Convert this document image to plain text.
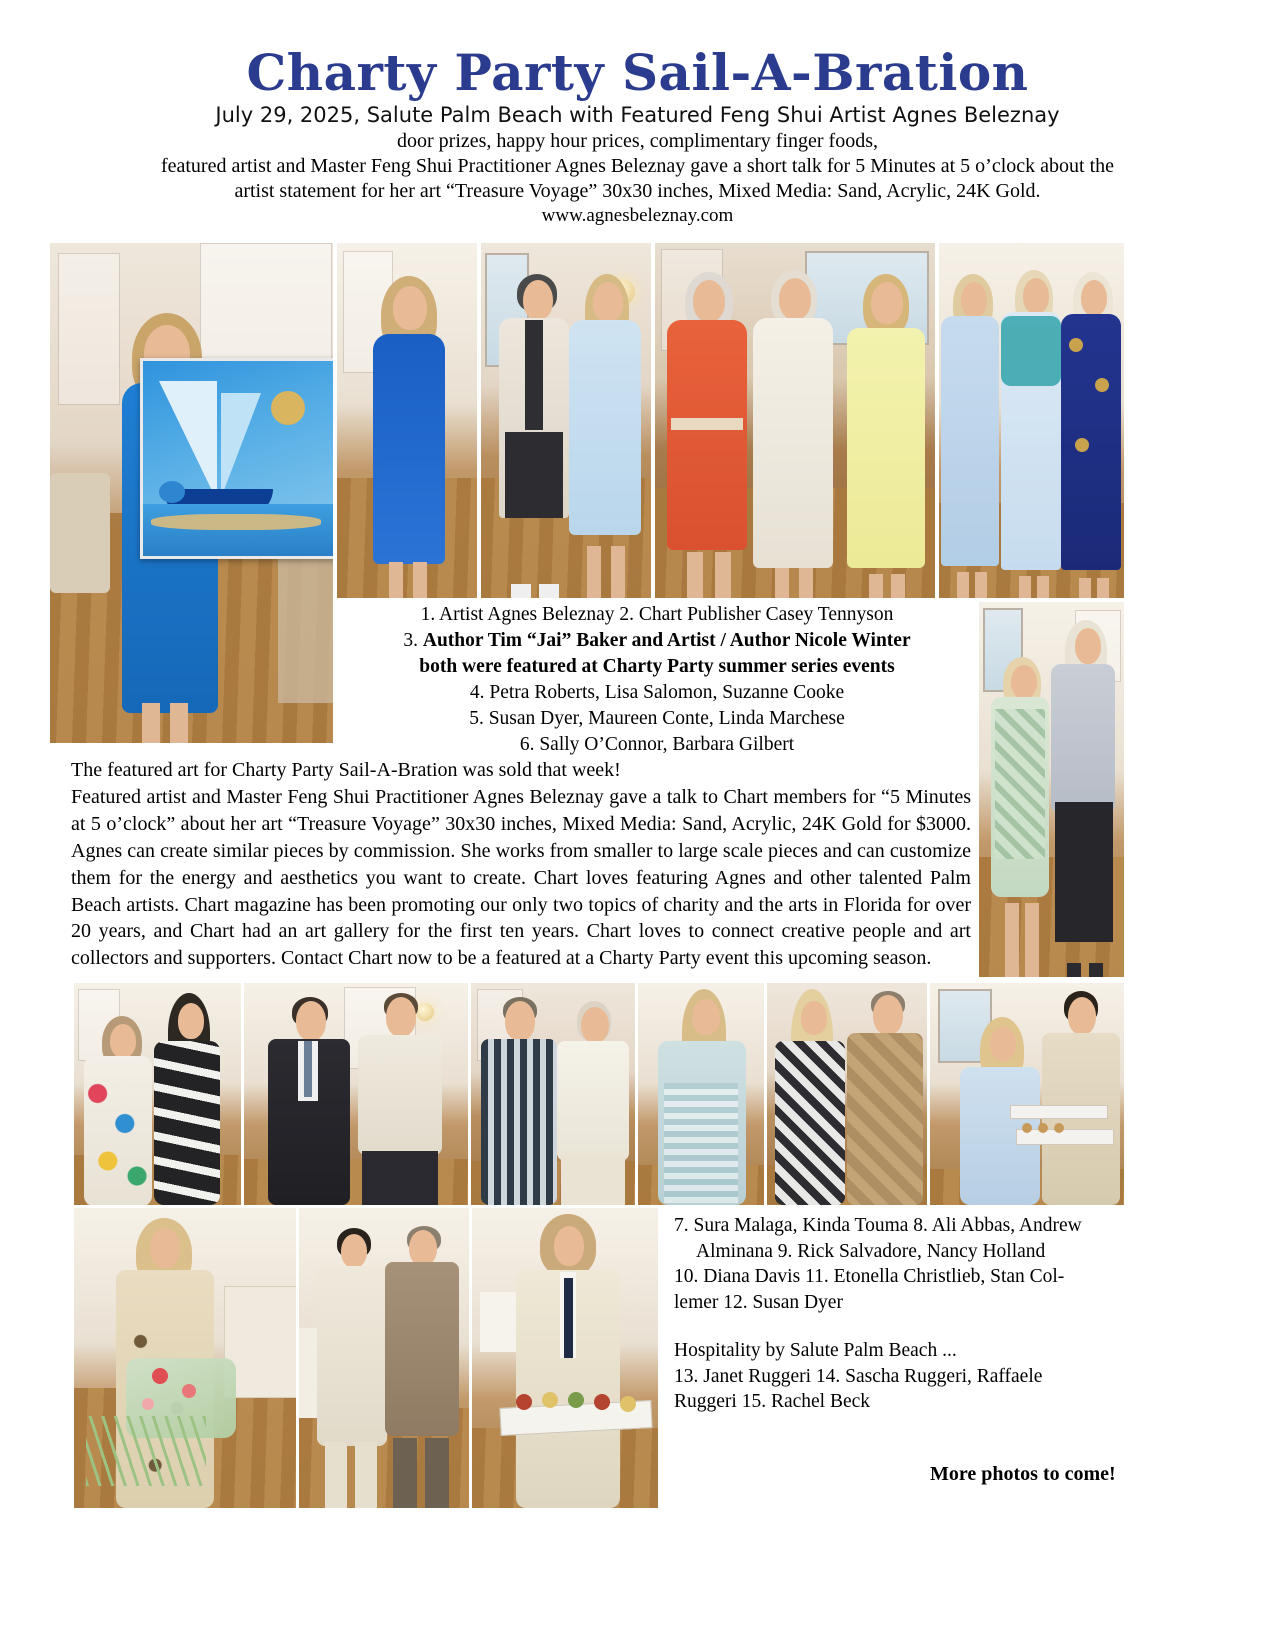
Charty Party Sail-A-Bration
July 29, 2025, Salute Palm Beach with Featured Feng Shui Artist Agnes Beleznay
door prizes, happy hour prices, complimentary finger foods,
featured artist and Master Feng Shui Practitioner Agnes Beleznay gave a short talk for 5 Minutes at 5 o’clock about the
artist statement for her art “Treasure Voyage” 30x30 inches, Mixed Media: Sand, Acrylic, 24K Gold.
www.agnesbeleznay.com
1. Artist Agnes Beleznay 2. Chart Publisher Casey Tennyson
3. Author Tim “Jai” Baker and Artist / Author Nicole Winter
both were featured at Charty Party summer series events
4. Petra Roberts, Lisa Salomon, Suzanne Cooke
5. Susan Dyer, Maureen Conte, Linda Marchese
6. Sally O’Connor, Barbara Gilbert
The featured art for Charty Party Sail-A-Bration was sold that week!
Featured artist and Master Feng Shui Practitioner Agnes Beleznay gave a talk to Chart members for “5 Minutes at 5 o’clock” about her art “Treasure Voyage” 30x30 inches, Mixed Media: Sand, Acrylic, 24K Gold for $3000. Agnes can create similar pieces by commission. She works from smaller to large scale pieces and can customize them for the energy and aesthetics you want to create. Chart loves featuring Agnes and other talented Palm Beach artists. Chart magazine has been promoting our only two topics of charity and the arts in Florida for over 20 years, and Chart had an art gallery for the first ten years. Chart loves to connect creative people and art collectors and supporters. Contact Chart now to be a featured at a Charty Party event this upcoming season.
7. Sura Malaga, Kinda Touma 8. Ali Abbas, Andrew
Alminana 9. Rick Salvadore, Nancy Holland
10. Diana Davis 11. Etonella Christlieb, Stan Col-
lemer 12. Susan Dyer
Hospitality by Salute Palm Beach ...
13. Janet Ruggeri 14. Sascha Ruggeri, Raffaele
Ruggeri 15. Rachel Beck
More photos to come!
